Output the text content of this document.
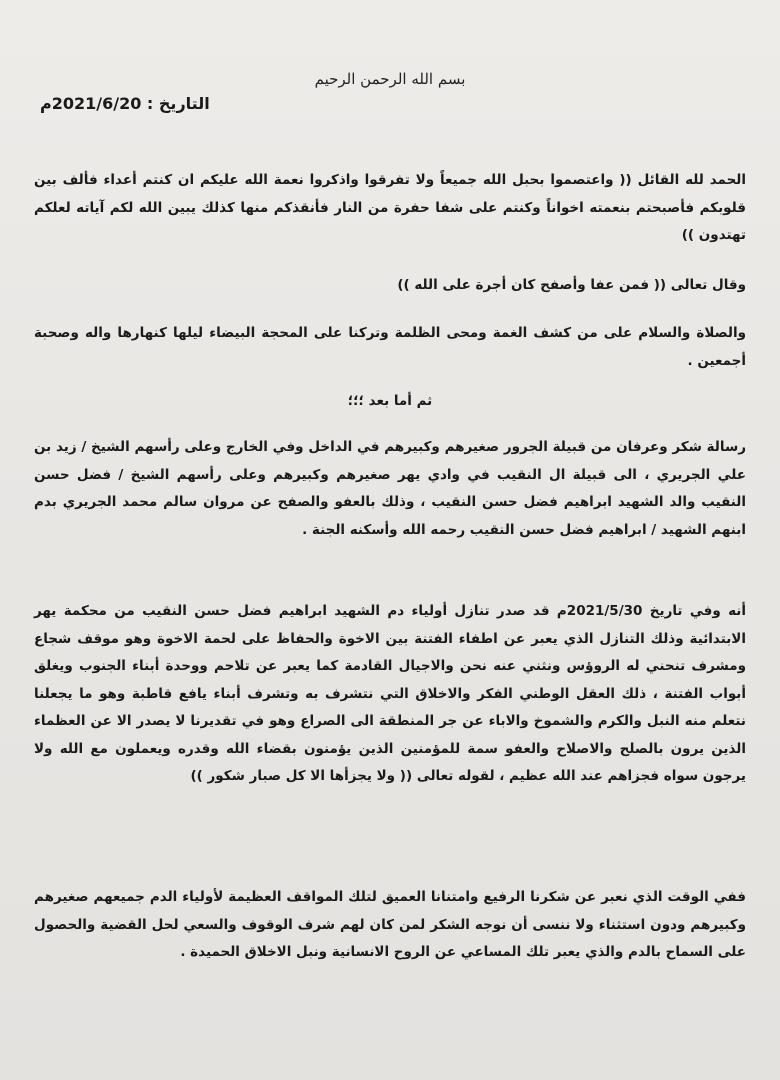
بسم الله الرحمن الرحيم
التاريخ : 2021/6/20م

الحمد لله القائل (( واعتصموا بحبل الله جميعاً ولا تفرقوا واذكروا نعمة الله عليكم ان كنتم أعداء فألف بين قلوبكم فأصبحتم بنعمته اخواناً وكنتم على شفا حفرة من النار فأنقذكم منها كذلك يبين الله لكم آياته لعلكم تهتدون ))

وقال تعالى (( فمن عفا وأصفح كان أجرة على الله ))

والصلاة والسلام على من كشف الغمة ومحى الظلمة وتركنا على المحجة البيضاء ليلها كنهارها واله وصحبة أجمعين .

ثم أما بعد ؛؛؛

رسالة شكر وعرفان من قبيلة الجرور صغيرهم وكبيرهم في الداخل وفي الخارج وعلى رأسهم الشيخ / زيد بن علي الجريري ، الى قبيلة ال النقيب في وادي يهر صغيرهم وكبيرهم وعلى رأسهم الشيخ / فضل حسن النقيب والد الشهيد ابراهيم فضل حسن النقيب ، وذلك بالعفو والصفح عن مروان سالم محمد الجريري بدم ابنهم الشهيد / ابراهيم فضل حسن النقيب رحمه الله وأسكنه الجنة .

أنه وفي تاريخ 2021/5/30م قد صدر تنازل أولياء دم الشهيد ابراهيم فضل حسن النقيب من محكمة يهر الابتدائية وذلك التنازل الذي يعبر عن اطفاء الفتنة بين الاخوة والحفاظ على لحمة الاخوة وهو موقف شجاع ومشرف تنحني له الروؤس ونثني عنه نحن والاجيال القادمة كما يعبر عن تلاحم ووحدة أبناء الجنوب ويغلق أبواب الفتنة ، ذلك العقل الوطني الفكر والاخلاق التي نتشرف به وتشرف أبناء يافع قاطبة وهو ما يجعلنا نتعلم منه النبل والكرم والشموخ والاباء عن جر المنطقة الى الصراع وهو في تقديرنا لا يصدر الا عن العظماء الذين يرون بالصلح والاصلاح والعفو سمة للمؤمنين الذين يؤمنون بقضاء الله وقدره ويعملون مع الله ولا يرجون سواه فجزاهم عند الله عظيم ، لقوله تعالى (( ولا يجزأها الا كل صبار شكور ))

ففي الوقت الذي نعبر عن شكرنا الرفيع وامتنانا العميق لتلك المواقف العظيمة لأولياء الدم جميعهم صغيرهم وكبيرهم ودون استثناء ولا ننسى أن نوجه الشكر لمن كان لهم شرف الوقوف والسعي لحل القضية والحصول على السماح بالدم والذي يعبر تلك المساعي عن الروح الانسانية ونبل الاخلاق الحميدة .
